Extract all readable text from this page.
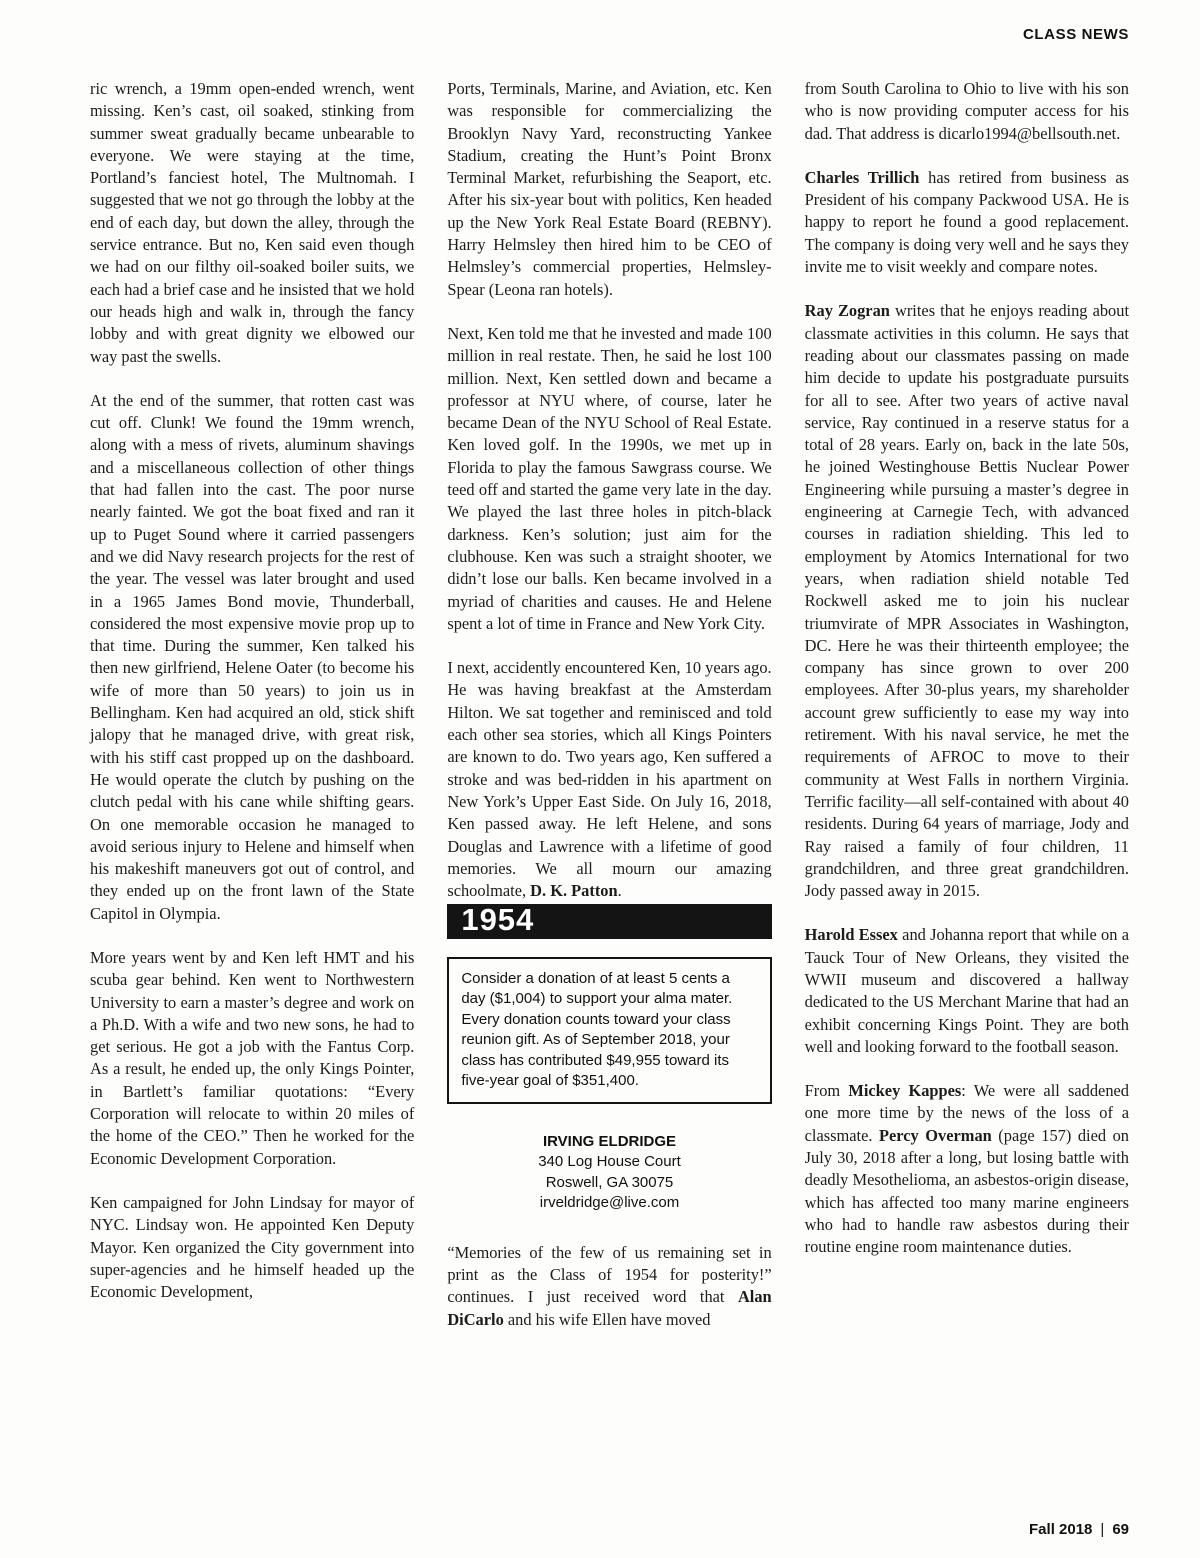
CLASS NEWS

ric wrench, a 19mm open-ended wrench, went missing. Ken’s cast, oil soaked, stinking from summer sweat gradually became unbearable to everyone. We were staying at the time, Portland’s fanciest hotel, The Multnomah. I suggested that we not go through the lobby at the end of each day, but down the alley, through the service entrance. But no, Ken said even though we had on our filthy oil-soaked boiler suits, we each had a brief case and he insisted that we hold our heads high and walk in, through the fancy lobby and with great dignity we elbowed our way past the swells.

At the end of the summer, that rotten cast was cut off. Clunk! We found the 19mm wrench, along with a mess of rivets, aluminum shavings and a miscellaneous collection of other things that had fallen into the cast. The poor nurse nearly fainted. We got the boat fixed and ran it up to Puget Sound where it carried passengers and we did Navy research projects for the rest of the year. The vessel was later brought and used in a 1965 James Bond movie, Thunderball, considered the most expensive movie prop up to that time. During the summer, Ken talked his then new girlfriend, Helene Oater (to become his wife of more than 50 years) to join us in Bellingham. Ken had acquired an old, stick shift jalopy that he managed drive, with great risk, with his stiff cast propped up on the dashboard. He would operate the clutch by pushing on the clutch pedal with his cane while shifting gears. On one memorable occasion he managed to avoid serious injury to Helene and himself when his makeshift maneuvers got out of control, and they ended up on the front lawn of the State Capitol in Olympia.

More years went by and Ken left HMT and his scuba gear behind. Ken went to Northwestern University to earn a master’s degree and work on a Ph.D. With a wife and two new sons, he had to get serious. He got a job with the Fantus Corp. As a result, he ended up, the only Kings Pointer, in Bartlett’s familiar quotations: “Every Corporation will relocate to within 20 miles of the home of the CEO.” Then he worked for the Economic Development Corporation.

Ken campaigned for John Lindsay for mayor of NYC. Lindsay won. He appointed Ken Deputy Mayor. Ken organized the City government into super-agencies and he himself headed up the Economic Development,

Ports, Terminals, Marine, and Aviation, etc. Ken was responsible for commercializing the Brooklyn Navy Yard, reconstructing Yankee Stadium, creating the Hunt’s Point Bronx Terminal Market, refurbishing the Seaport, etc. After his six-year bout with politics, Ken headed up the New York Real Estate Board (REBNY). Harry Helmsley then hired him to be CEO of Helmsley’s commercial properties, Helmsley-Spear (Leona ran hotels).

Next, Ken told me that he invested and made 100 million in real restate. Then, he said he lost 100 million. Next, Ken settled down and became a professor at NYU where, of course, later he became Dean of the NYU School of Real Estate. Ken loved golf. In the 1990s, we met up in Florida to play the famous Sawgrass course. We teed off and started the game very late in the day. We played the last three holes in pitch-black darkness. Ken’s solution; just aim for the clubhouse. Ken was such a straight shooter, we didn’t lose our balls. Ken became involved in a myriad of charities and causes. He and Helene spent a lot of time in France and New York City.

I next, accidently encountered Ken, 10 years ago. He was having breakfast at the Amsterdam Hilton. We sat together and reminisced and told each other sea stories, which all Kings Pointers are known to do. Two years ago, Ken suffered a stroke and was bed-ridden in his apartment on New York’s Upper East Side. On July 16, 2018, Ken passed away. He left Helene, and sons Douglas and Lawrence with a lifetime of good memories. We all mourn our amazing schoolmate, D. K. Patton.

1954
Consider a donation of at least 5 cents a day ($1,004) to support your alma mater. Every donation counts toward your class reunion gift. As of September 2018, your class has contributed $49,955 toward its five-year goal of $351,400.
IRVING ELDRIDGE
340 Log House Court
Roswell, GA 30075
irveldridge@live.com

“Memories of the few of us remaining set in print as the Class of 1954 for posterity!” continues. I just received word that Alan DiCarlo and his wife Ellen have moved

from South Carolina to Ohio to live with his son who is now providing computer access for his dad. That address is dicarlo1994@bellsouth.net.

Charles Trillich has retired from business as President of his company Packwood USA. He is happy to report he found a good replacement. The company is doing very well and he says they invite me to visit weekly and compare notes.

Ray Zogran writes that he enjoys reading about classmate activities in this column. He says that reading about our classmates passing on made him decide to update his postgraduate pursuits for all to see. After two years of active naval service, Ray continued in a reserve status for a total of 28 years. Early on, back in the late 50s, he joined Westinghouse Bettis Nuclear Power Engineering while pursuing a master’s degree in engineering at Carnegie Tech, with advanced courses in radiation shielding. This led to employment by Atomics International for two years, when radiation shield notable Ted Rockwell asked me to join his nuclear triumvirate of MPR Associates in Washington, DC. Here he was their thirteenth employee; the company has since grown to over 200 employees. After 30-plus years, my shareholder account grew sufficiently to ease my way into retirement. With his naval service, he met the requirements of AFROC to move to their community at West Falls in northern Virginia. Terrific facility—all self-contained with about 40 residents. During 64 years of marriage, Jody and Ray raised a family of four children, 11 grandchildren, and three great grandchildren. Jody passed away in 2015.

Harold Essex and Johanna report that while on a Tauck Tour of New Orleans, they visited the WWII museum and discovered a hallway dedicated to the US Merchant Marine that had an exhibit concerning Kings Point. They are both well and looking forward to the football season.

From Mickey Kappes: We were all saddened one more time by the news of the loss of a classmate. Percy Overman (page 157) died on July 30, 2018 after a long, but losing battle with deadly Mesothelioma, an asbestos-origin disease, which has affected too many marine engineers who had to handle raw asbestos during their routine engine room maintenance duties.

Fall 2018 | 69
